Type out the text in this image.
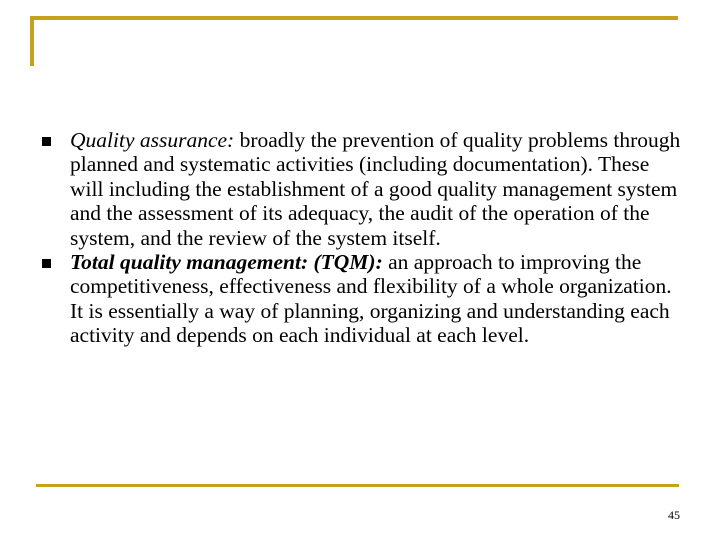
Quality assurance: broadly the prevention of quality problems through planned and systematic activities (including documentation). These will including the establishment of a good quality management system and the assessment of its adequacy, the audit of the operation of the system, and the review of the system itself.
Total quality management: (TQM): an approach to improving the competitiveness, effectiveness and flexibility of a whole organization. It is essentially a way of planning, organizing and understanding each activity and depends on each individual at each level.
45
